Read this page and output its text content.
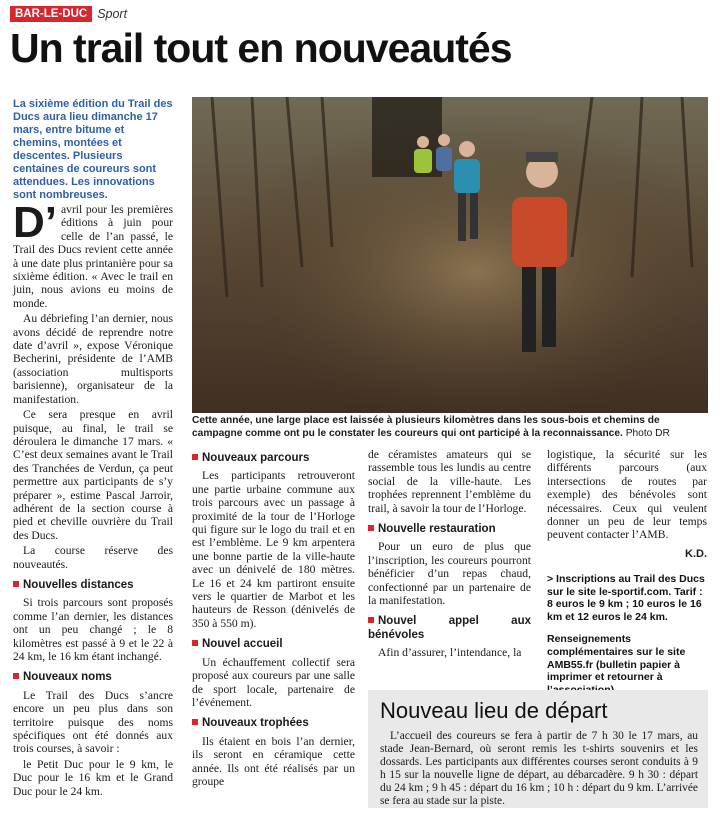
BAR-LE-DUC Sport
Un trail tout en nouveautés
La sixième édition du Trail des Ducs aura lieu dimanche 17 mars, entre bitume et chemins, montées et descentes. Plusieurs centaines de coureurs sont attendues. Les innovations sont nombreuses.

D’ avril pour les premières éditions à juin pour celle de l’an passé, le Trail des Ducs revient cette année à une date plus printanière pour sa sixième édition. « Avec le trail en juin, nous avions eu moins de monde.

Au débriefing l’an dernier, nous avons décidé de reprendre notre date d’avril », expose Véronique Becherini, présidente de l’AMB (association multisports barisienne), organisateur de la manifestation.

Ce sera presque en avril puisque, au final, le trail se déroulera le dimanche 17 mars. « C’est deux semaines avant le Trail des Tranchées de Verdun, ça peut permettre aux participants de s’y préparer », estime Pascal Jarroir, adhérent de la section course à pied et cheville ouvrière du Trail des Ducs.

La course réserve des nouveautés.

Nouvelles distances

Si trois parcours sont proposés comme l’an dernier, les distances ont un peu changé ; le 8 kilomètres est passé à 9 et le 22 à 24 km, le 16 km étant inchangé.

Nouveaux noms

Le Trail des Ducs s’ancre encore un peu plus dans son territoire puisque des noms spécifiques ont été donnés aux trois courses, à savoir :

le Petit Duc pour le 9 km, le Duc pour le 16 km et le Grand Duc pour le 24 km.

Cette année, une large place est laissée à plusieurs kilomètres dans les sous-bois et chemins de campagne comme ont pu le constater les coureurs qui ont participé à la reconnaissance. Photo DR
Nouveaux parcours

Les participants retrouveront une partie urbaine commune aux trois parcours avec un passage à proximité de la tour de l’Horloge qui figure sur le logo du trail et en est l’emblème. Le 9 km arpentera une bonne partie de la ville-haute avec un dénivelé de 180 mètres. Le 16 et 24 km partiront ensuite vers le quartier de Marbot et les hauteurs de Resson (dénivelés de 350 à 550 m).

Nouvel accueil

Un échauffement collectif sera proposé aux coureurs par une salle de sport locale, partenaire de l’événement.

Nouveaux trophées

Ils étaient en bois l’an dernier, ils seront en céramique cette année. Ils ont été réalisés par un groupe

de céramistes amateurs qui se rassemble tous les lundis au centre social de la ville-haute. Les trophées reprennent l’emblème du trail, à savoir la tour de l’Horloge.

Nouvelle restauration

Pour un euro de plus que l’inscription, les coureurs pourront bénéficier d’un repas chaud, confectionné par un partenaire de la manifestation.

Nouvel appel aux bénévoles

Afin d’assurer, l’intendance, la

logistique, la sécurité sur les différents parcours (aux intersections de routes par exemple) des bénévoles sont nécessaires. Ceux qui veulent donner un peu de leur temps peuvent contacter l’AMB.

K.D.

> Inscriptions au Trail des Ducs sur le site le-sportif.com. Tarif : 8 euros le 9 km ; 10 euros le 16 km et 12 euros le 24 km.

Renseignements complémentaires sur le site AMB55.fr (bulletin papier à imprimer et retourner à

Nouveau lieu de départ

L’accueil des coureurs se fera à partir de 7 h 30 le 17 mars, au stade Jean-Bernard, où seront remis les t-shirts souvenirs et les dossards. Les participants aux différentes courses seront conduits à 9 h 15 sur la nouvelle ligne de départ, au débarcadère. 9 h 30 : départ du 24 km ; 9 h 45 : départ du 16 km ; 10 h : départ du 9 km. L’arrivée se fera au stade sur la piste.
